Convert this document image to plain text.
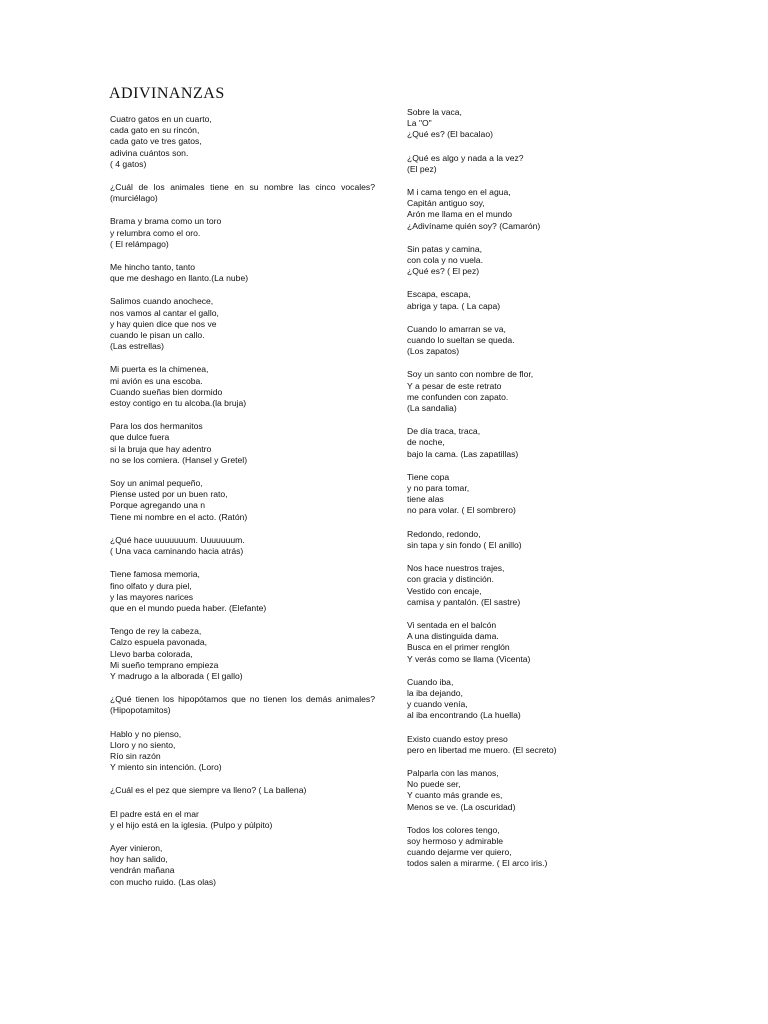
ADIVINANZAS
Cuatro gatos en un cuarto,
cada gato en su rincón,
cada gato ve tres gatos,
adivina cuántos son.
( 4 gatos)
¿Cuál de los animales tiene en su nombre las cinco vocales?
(murciélago)
Brama y brama como un toro
y relumbra como el oro.
( El relámpago)
Me hincho tanto, tanto
que me deshago en llanto.(La nube)
Salimos cuando anochece,
nos vamos al cantar el gallo,
y hay quien dice que nos ve
cuando le pisan un callo.
(Las estrellas)
Mi puerta es la chimenea,
mi avión es una escoba.
Cuando sueñas bien dormido
estoy contigo en tu alcoba.(la bruja)
Para los dos hermanitos
que dulce fuera
si la bruja que hay adentro
no se los comiera. (Hansel y Gretel)
Soy un animal pequeño,
Piense usted por un buen rato,
Porque agregando una n
Tiene mi nombre en el acto. (Ratón)
¿Qué hace uuuuuuum. Uuuuuuum.
( Una vaca caminando hacia atrás)
Tiene famosa memoria,
fino olfato y dura piel,
y las mayores narices
que en el mundo pueda haber. (Elefante)
Tengo de rey la cabeza,
Calzo espuela pavonada,
Llevo barba colorada,
Mi sueño temprano empieza
Y madrugo a la alborada ( El gallo)
¿Qué tienen los hipopótamos que no tienen los demás animales?
(Hipopotamitos)
Hablo y no pienso,
Lloro y no siento,
Río sin razón
Y miento sin intención. (Loro)
¿Cuál es el pez que siempre va lleno? ( La ballena)
El padre está en el mar
y el hijo está en la iglesia. (Pulpo y púlpito)
Ayer vinieron,
hoy han salido,
vendrán mañana
con mucho ruido. (Las olas)
Sobre la vaca,
La "O"
¿Qué es? (El bacalao)
¿Qué es algo y nada a la vez?
(El pez)
M i cama tengo en el agua,
Capitán antiguo soy,
Arón me llama en el mundo
¿Adivíname quién soy? (Camarón)
Sin patas y camina,
con cola y no vuela.
¿Qué es? ( El pez)
Escapa, escapa,
abriga y tapa. ( La capa)
Cuando lo amarran se va,
cuando lo sueltan se queda.
(Los zapatos)
Soy un santo con nombre de flor,
Y a pesar de este retrato
me confunden con zapato.
(La sandalia)
De día traca, traca,
de noche,
bajo la cama. (Las zapatillas)
Tiene copa
y no para tomar,
tiene alas
no para volar. ( El sombrero)
Redondo, redondo,
sin tapa y sin fondo ( El anillo)
Nos hace nuestros trajes,
con gracia y distinción.
Vestido con encaje,
camisa y pantalón. (El sastre)
Vi sentada en el balcón
A una distinguida dama.
Busca en el primer renglón
Y verás como se llama (Vicenta)
Cuando iba,
la iba dejando,
y cuando venía,
al iba encontrando (La huella)
Existo cuando estoy preso
pero en libertad me muero. (El secreto)
Palparla con las manos,
No puede ser,
Y cuanto más grande es,
Menos se ve. (La oscuridad)
Todos los colores tengo,
soy hermoso y admirable
cuando dejarme ver quiero,
todos salen a mirarme. ( El arco iris.)
